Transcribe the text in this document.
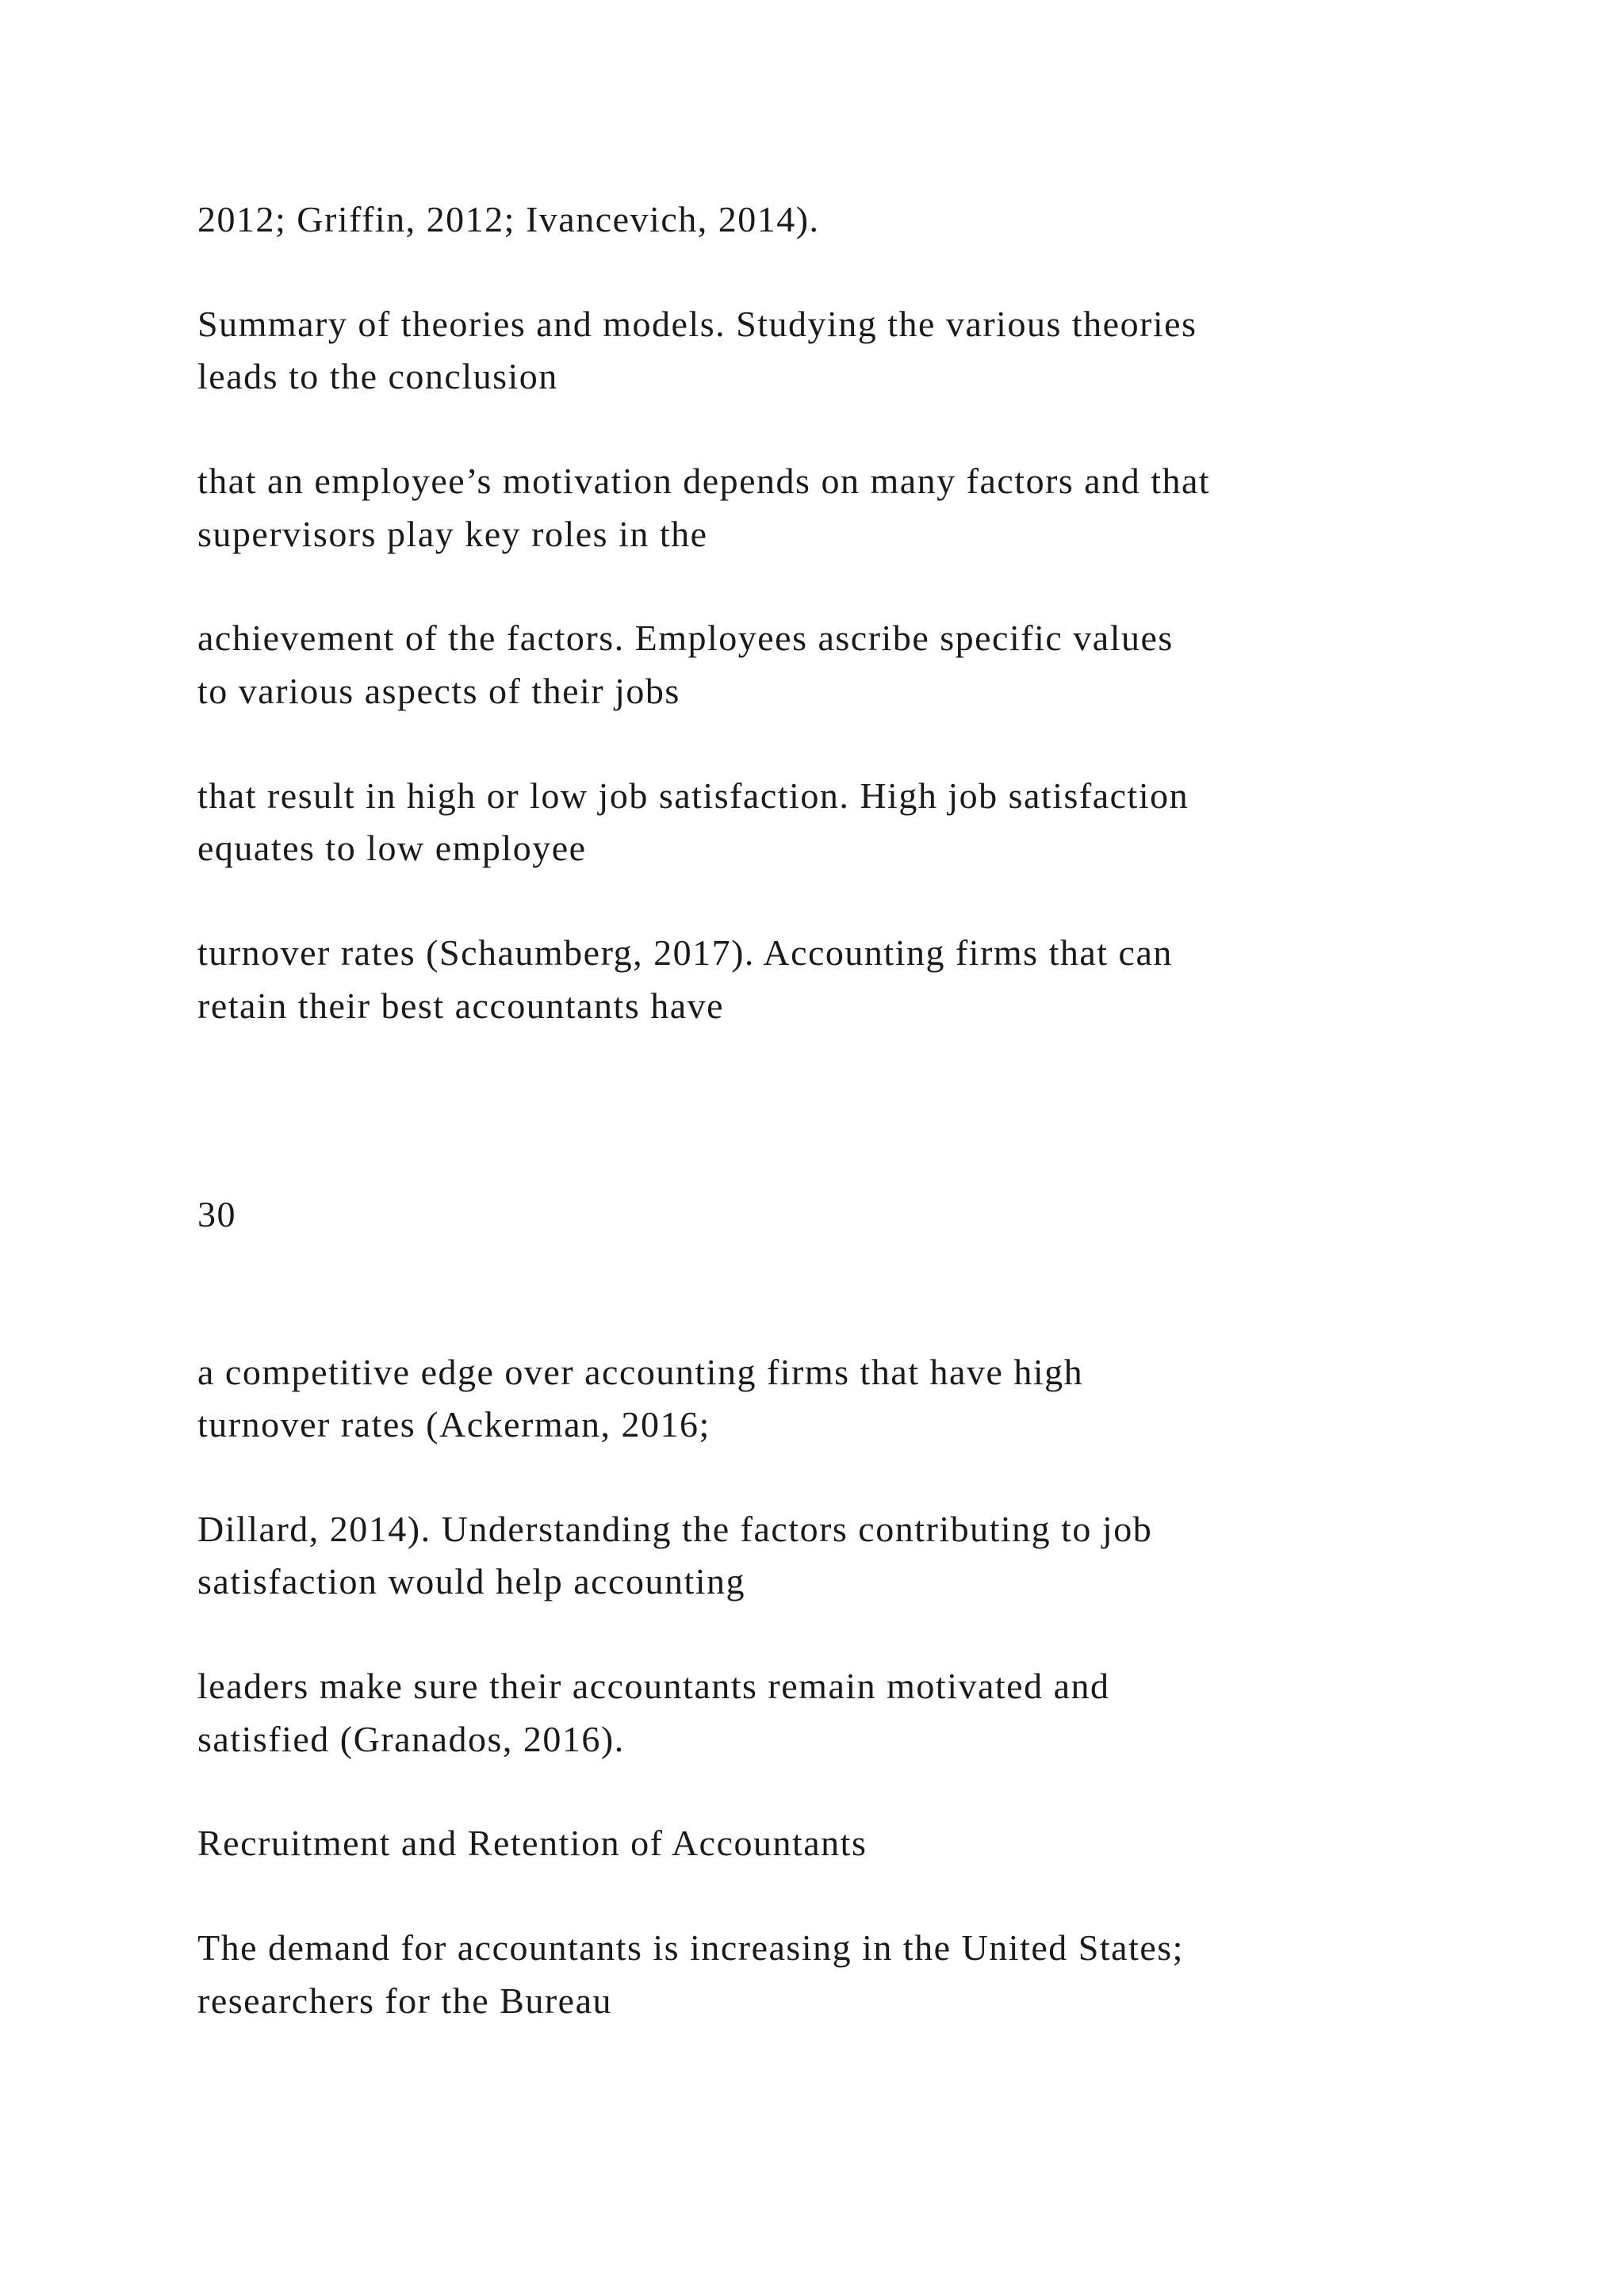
2012; Griffin, 2012; Ivancevich, 2014).
Summary of theories and models. Studying the various theories
leads to the conclusion
that an employee’s motivation depends on many factors and that
supervisors play key roles in the
achievement of the factors. Employees ascribe specific values
to various aspects of their jobs
that result in high or low job satisfaction. High job satisfaction
equates to low employee
turnover rates (Schaumberg, 2017). Accounting firms that can
retain their best accountants have
30
a competitive edge over accounting firms that have high
turnover rates (Ackerman, 2016;
Dillard, 2014). Understanding the factors contributing to job
satisfaction would help accounting
leaders make sure their accountants remain motivated and
satisfied (Granados, 2016).
Recruitment and Retention of Accountants
The demand for accountants is increasing in the United States;
researchers for the Bureau
